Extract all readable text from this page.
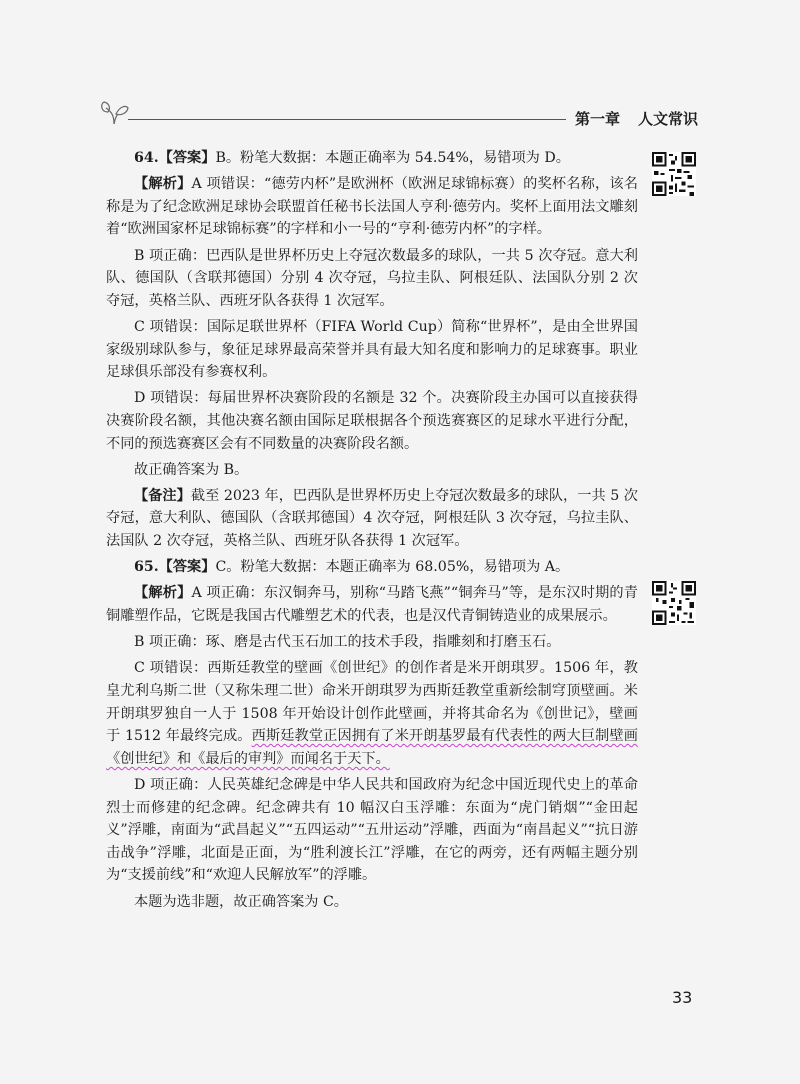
第一章 人文常识

64.【答案】B。粉笔大数据：本题正确率为 54.54%，易错项为 D。

【解析】A 项错误：“德劳内杯”是欧洲杯（欧洲足球锦标赛）的奖杯名称，该名称是为了纪念欧洲足球协会联盟首任秘书长法国人亨利·德劳内。奖杯上面用法文雕刻着“欧洲国家杯足球锦标赛”的字样和小一号的“亨利·德劳内杯”的字样。

B 项正确：巴西队是世界杯历史上夺冠次数最多的球队，一共 5 次夺冠。意大利队、德国队（含联邦德国）分别 4 次夺冠，乌拉圭队、阿根廷队、法国队分别 2 次夺冠，英格兰队、西班牙队各获得 1 次冠军。

C 项错误：国际足联世界杯（FIFA World Cup）简称“世界杯”，是由全世界国家级别球队参与，象征足球界最高荣誉并具有最大知名度和影响力的足球赛事。职业足球俱乐部没有参赛权利。

D 项错误：每届世界杯决赛阶段的名额是 32 个。决赛阶段主办国可以直接获得决赛阶段名额，其他决赛名额由国际足联根据各个预选赛赛区的足球水平进行分配，不同的预选赛赛区会有不同数量的决赛阶段名额。

故正确答案为 B。

【备注】截至 2023 年，巴西队是世界杯历史上夺冠次数最多的球队，一共 5 次夺冠，意大利队、德国队（含联邦德国）4 次夺冠，阿根廷队 3 次夺冠，乌拉圭队、法国队 2 次夺冠，英格兰队、西班牙队各获得 1 次冠军。

65.【答案】C。粉笔大数据：本题正确率为 68.05%，易错项为 A。

【解析】A 项正确：东汉铜奔马，别称“马踏飞燕”“铜奔马”等，是东汉时期的青铜雕塑作品，它既是我国古代雕塑艺术的代表，也是汉代青铜铸造业的成果展示。

B 项正确：琢、磨是古代玉石加工的技术手段，指雕刻和打磨玉石。

C 项错误：西斯廷教堂的壁画《创世纪》的创作者是米开朗琪罗。1506 年，教皇尤利乌斯二世（又称朱理二世）命米开朗琪罗为西斯廷教堂重新绘制穹顶壁画。米开朗琪罗独自一人于 1508 年开始设计创作此壁画，并将其命名为《创世记》，壁画于 1512 年最终完成。西斯廷教堂正因拥有了米开朗基罗最有代表性的两大巨制壁画《创世纪》和《最后的审判》而闻名于天下。

D 项正确：人民英雄纪念碑是中华人民共和国政府为纪念中国近现代史上的革命烈士而修建的纪念碑。纪念碑共有 10 幅汉白玉浮雕：东面为“虎门销烟”“金田起义”浮雕，南面为“武昌起义”“五四运动”“五卅运动”浮雕，西面为“南昌起义”“抗日游击战争”浮雕，北面是正面，为“胜利渡长江”浮雕，在它的两旁，还有两幅主题分别为“支援前线”和“欢迎人民解放军”的浮雕。

本题为选非题，故正确答案为 C。

33
